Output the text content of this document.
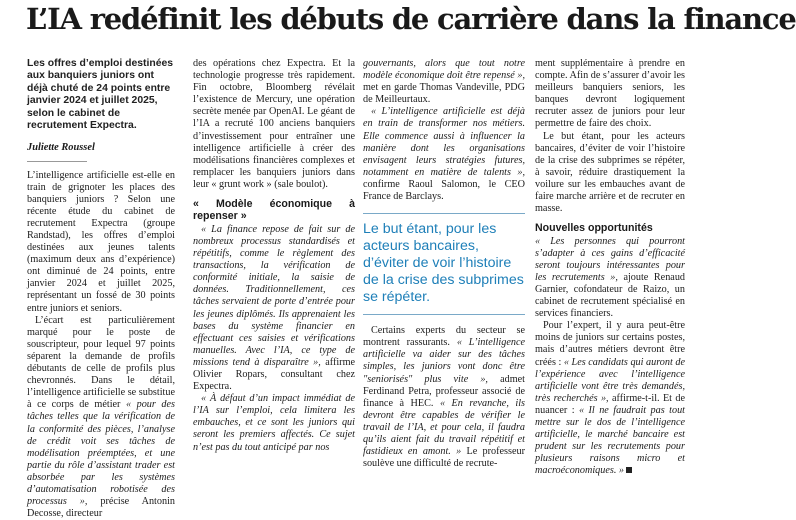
L’IA redéfinit les débuts de carrière dans la finance

Les offres d’emploi destinées aux banquiers juniors ont déjà chuté de 24 points entre janvier 2024 et juillet 2025, selon le cabinet de recrutement Expectra.

Juliette Roussel

L’intelligence artificielle est-elle en train de grignoter les places des banquiers juniors ? Selon une récente étude du cabinet de recrutement Expectra (groupe Randstad), les offres d’emploi destinées aux jeunes talents (maximum deux ans d’expérience) ont diminué de 24 points, entre janvier 2024 et juillet 2025, représentant un fossé de 30 points entre juniors et seniors.

L’écart est particulièrement marqué pour le poste de souscripteur, pour lequel 97 points séparent la demande de profils débutants de celle de profils plus chevronnés. Dans le détail, l’intelligence artificielle se substitue à ce corps de métier « pour des tâches telles que la vérification de la conformité des pièces, l’analyse de crédit voit ses tâches de modélisation préemptées, et une partie du rôle d’assistant trader est absorbée par les systèmes d’automatisation robotisée des processus », précise Antonin Decosse, directeur

des opérations chez Expectra. Et la technologie progresse très rapidement. Fin octobre, Bloomberg révélait l’existence de Mercury, une opération secrète menée par OpenAI. Le géant de l’IA a recruté 100 anciens banquiers d’investissement pour entraîner une intelligence artificielle à créer des modélisations financières complexes et remplacer les banquiers juniors dans leur « grunt work » (sale boulot).

« Modèle économique à repenser »

« La finance repose de fait sur de nombreux processus standardisés et répétitifs, comme le règlement des transactions, la vérification de conformité initiale, la saisie de données. Traditionnellement, ces tâches servaient de porte d’entrée pour les jeunes diplômés. Ils apprenaient les bases du système financier en effectuant ces saisies et vérifications manuelles. Avec l’IA, ce type de missions tend à disparaître », affirme Olivier Ropars, consultant chez Expectra.

« À défaut d’un impact immédiat de l’IA sur l’emploi, cela limitera les embauches, et ce sont les juniors qui seront les premiers affectés. Ce sujet n’est pas du tout anticipé par nos

gouvernants, alors que tout notre modèle économique doit être repensé », met en garde Thomas Vandeville, PDG de Meilleurtaux.

« L’intelligence artificielle est déjà en train de transformer nos métiers. Elle commence aussi à influencer la manière dont les organisations envisagent leurs stratégies futures, notamment en matière de talents », confirme Raoul Salomon, le CEO France de Barclays.

Le but étant, pour les acteurs bancaires, d’éviter de voir l’histoire de la crise des subprimes se répéter.

Certains experts du secteur se montrent rassurants. « L’intelligence artificielle va aider sur des tâches simples, les juniors vont donc être "seniorisés" plus vite », admet Ferdinand Petra, professeur associé de finance à HEC. « En revanche, ils devront être capables de vérifier le travail de l’IA, et pour cela, il faudra qu’ils aient fait du travail répétitif et fastidieux en amont. » Le professeur soulève une difficulté de recrute-

ment supplémentaire à prendre en compte. Afin de s’assurer d’avoir les meilleurs banquiers seniors, les banques devront logiquement recruter assez de juniors pour leur permettre de faire des choix.

Le but étant, pour les acteurs bancaires, d’éviter de voir l’histoire de la crise des subprimes se répéter, à savoir, réduire drastiquement la voilure sur les embauches avant de faire marche arrière et de recruter en masse.

Nouvelles opportunités

« Les personnes qui pourront s’adapter à ces gains d’efficacité seront toujours intéressantes pour les recrutements », ajoute Renaud Garnier, cofondateur de Raizo, un cabinet de recrutement spécialisé en services financiers.

Pour l’expert, il y aura peut-être moins de juniors sur certains postes, mais d’autres métiers devront être créés : « Les candidats qui auront de l’expérience avec l’intelligence artificielle vont être très demandés, très recherchés », affirme-t-il. Et de nuancer : « Il ne faudrait pas tout mettre sur le dos de l’intelligence artificielle, le marché bancaire est prudent sur les recrutements pour plusieurs raisons micro et macroéconomiques. »
